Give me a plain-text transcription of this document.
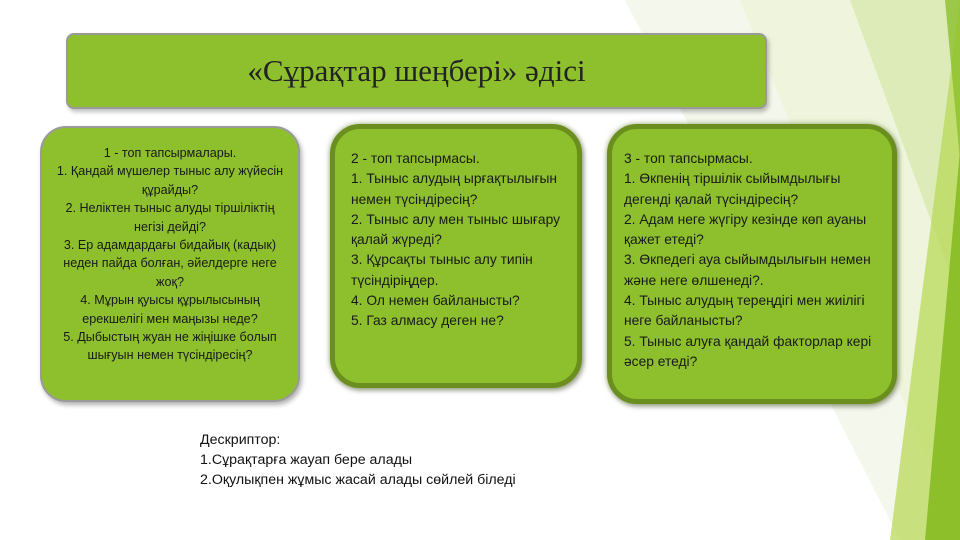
«Сұрақтар шеңбері» әдісі
1 - топ тапсырмалары.
1. Қандай мүшелер тыныс алу жүйесін құрайды?
2. Неліктен тыныс алуды тіршіліктің негізі дейді?
3. Ер адамдардағы бидайық (кадык) неден пайда болған, әйелдерге неге жоқ?
4. Мұрын қуысы құрылысының ерекшелігі мен маңызы неде?
5. Дыбыстың жуан не жіңішке болып шығуын немен түсіндіресің?
2 - топ тапсырмасы.
1. Тыныс алудың ырғақтылығын немен түсіндіресің?
2. Тыныс алу мен тыныс шығару қалай жүреді?
3. Құрсақты тыныс алу типін түсіндіріңдер.
4. Ол немен байланысты?
5. Газ алмасу деген не?
3 - топ тапсырмасы.
1. Өкпенің тіршілік сыйымдылығы дегенді қалай түсіндіресің?
2. Адам неге жүгіру кезінде көп ауаны қажет етеді?
3. Өкпедегі ауа сыйымдылығын немен және неге өлшенеді?.
4. Тыныс алудың тереңдігі мен жиілігі неге байланысты?
5. Тыныс алуға қандай факторлар кері әсер етеді?
Дескриптор:
1.Сұрақтарға жауап бере алады
2.Оқулықпен жұмыс жасай алады сөйлей біледі
